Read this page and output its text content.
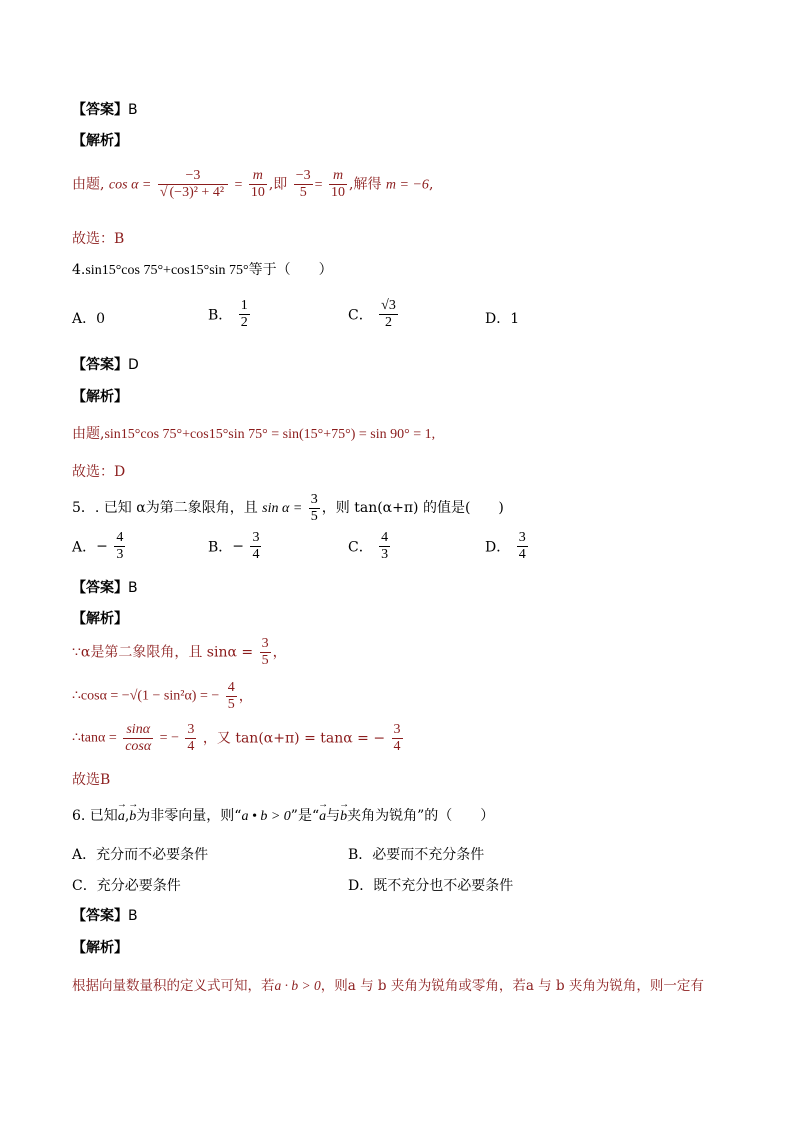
【答案】B
【解析】
由题, $\cos \alpha = \frac{-3}{\text{√ (−3)² + 4²}} = \frac{m}{10}$ ,即 $\frac{-3}{5} = \frac{m}{10}$ ,解得 m = −6,
故选：B
4.sin15°cos 75°+cos15°sin 75°等于（　　）
A．0	B． $\frac{1}{2}$	C． $\frac{√3}{2}$	D．1
【答案】D
【解析】
由题,sin15°cos 75°+cos15°sin 75° = sin(15°+75°) = sin 90° = 1,
故选：D
5．. 已知 α为第二象限角，且 $\sin \alpha = \frac{3}{5}$ ，则 tan(α+π) 的值是(　　)
A．− $\frac{4}{3}$	B．− $\frac{3}{4}$	C． $\frac{4}{3}$	D． $\frac{3}{4}$
【答案】B
【解析】
∵α是第二象限角，且 $\sin\alpha = \frac{3}{5}$ ，
∴cosα = −√(1 − sin²α) = − $\frac{4}{5}$ ，
∴tanα = $\frac{\sin\alpha}{\cos\alpha}$ = − $\frac{3}{4}$ ，又 tan(α+π) = tanα = − $\frac{3}{4}$
故选B
6. 已知→ a,→ b为非零向量，则“a • b > 0”是“→ a与→ b夹角为锐角”的（　　）
A．充分而不必要条件	B．必要而不充分条件
C．充分必要条件	D．既不充分也不必要条件
【答案】B
【解析】
根据向量数量积的定义式可知，若a · b > 0，则a 与 b 夹角为锐角或零角，若a 与 b 夹角为锐角，则一定有
